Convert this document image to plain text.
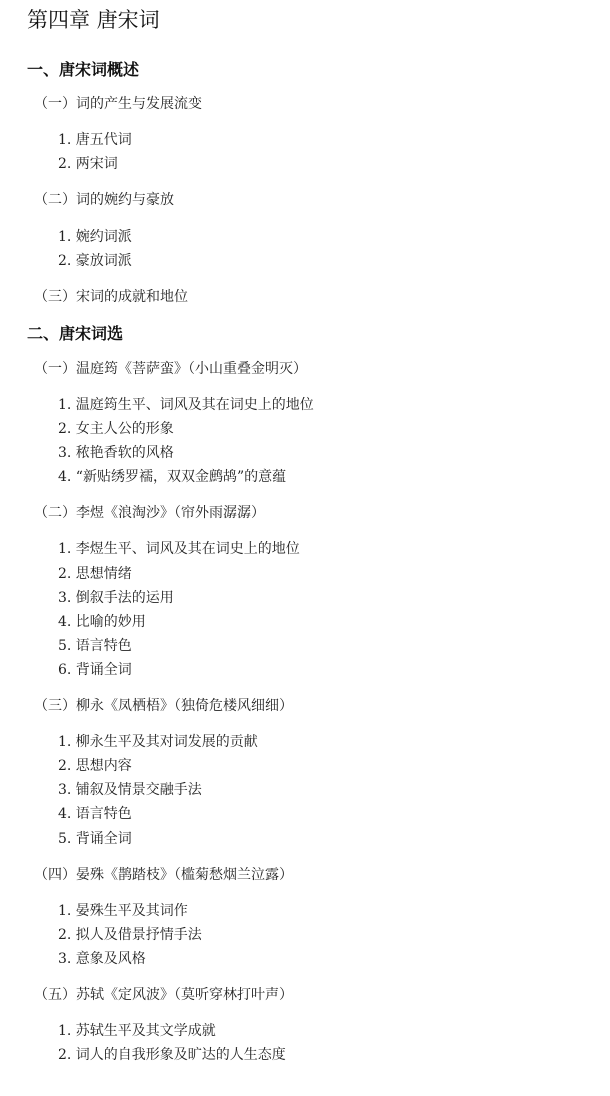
第四章 唐宋词
一、唐宋词概述
（一）词的产生与发展流变
1. 唐五代词
2. 两宋词
（二）词的婉约与豪放
1. 婉约词派
2. 豪放词派
（三）宋词的成就和地位
二、唐宋词选
（一）温庭筠《菩萨蛮》（小山重叠金明灭）
1. 温庭筠生平、词风及其在词史上的地位
2. 女主人公的形象
3. 秾艳香软的风格
4. “新贴绣罗襦，双双金鹧鸪”的意蕴
（二）李煜《浪淘沙》（帘外雨潺潺）
1. 李煜生平、词风及其在词史上的地位
2. 思想情绪
3. 倒叙手法的运用
4. 比喻的妙用
5. 语言特色
6. 背诵全词
（三）柳永《凤栖梧》（独倚危楼风细细）
1. 柳永生平及其对词发展的贡献
2. 思想内容
3. 铺叙及情景交融手法
4. 语言特色
5. 背诵全词
（四）晏殊《鹊踏枝》（槛菊愁烟兰泣露）
1. 晏殊生平及其词作
2. 拟人及借景抒情手法
3. 意象及风格
（五）苏轼《定风波》（莫听穿林打叶声）
1. 苏轼生平及其文学成就
2. 词人的自我形象及旷达的人生态度
